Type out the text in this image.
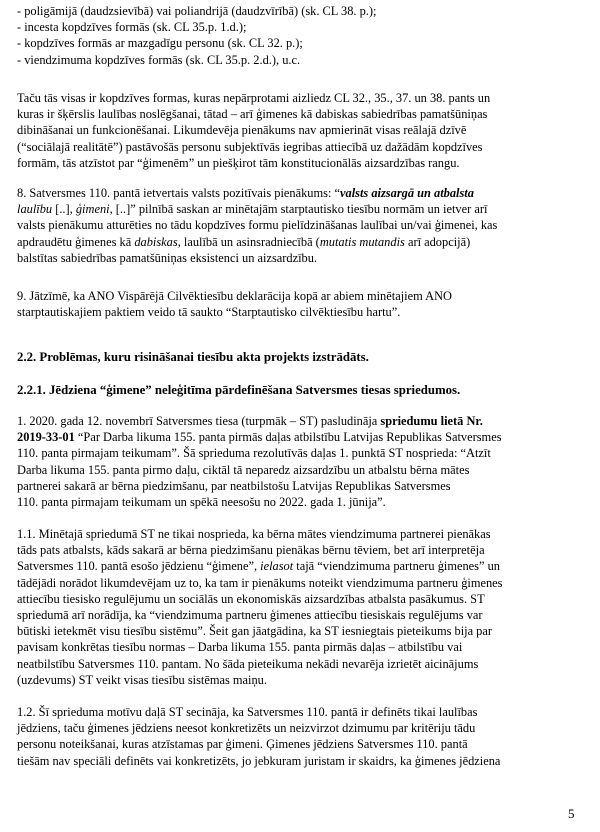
- poligāmijā (daudzsievībā) vai poliandrijā (daudzvīrībā) (sk. CL 38. p.);

- incesta kopdzīves formās (sk. CL 35.p. 1.d.);

- kopdzīves formās ar mazgadīgu personu (sk. CL 32. p.);

- viendzimuma kopdzīves formās (sk. CL 35.p. 2.d.), u.c.

Taču tās visas ir kopdzīves formas, kuras nepārprotami aizliedz CL 32., 35., 37. un 38. pants un

kuras ir šķērslis laulības noslēgšanai, tātad – arī ģimenes kā dabiskas sabiedrības pamatšūniņas

dibināšanai un funkcionēšanai. Likumdevēja pienākums nav apmierināt visas reālajā dzīvē

(“sociālajā realitātē”) pastāvošās personu subjektīvās iegribas attiecībā uz dažādām kopdzīves

formām, tās atzīstot par “ģimenēm” un piešķirot tām konstitucionālās aizsardzības rangu.

8. Satversmes 110. pantā ietvertais valsts pozitīvais pienākums: “valsts aizsargā un atbalsta

laulību [..], ģimeni, [..]” pilnībā saskan ar minētajām starptautisko tiesību normām un ietver arī

valsts pienākumu atturēties no tādu kopdzīves formu pielīdzināšanas laulībai un/vai ģimenei, kas

apdraudētu ģimenes kā dabiskas, laulībā un asinsradniecībā (mutatis mutandis arī adopcijā)

balstītas sabiedrības pamatšūniņas eksistenci un aizsardzību.

9. Jātzīmē, ka ANO Vispārējā Cilvēktiesību deklarācija kopā ar abiem minētajiem ANO

starptautiskajiem paktiem veido tā saukto “Starptautisko cilvēktiesību hartu”.

2.2. Problēmas, kuru risināšanai tiesību akta projekts izstrādāts.

2.2.1. Jēdziena “ģimene” neleģitīma pārdefinēšana Satversmes tiesas spriedumos.

1. 2020. gada 12. novembrī Satversmes tiesa (turpmāk – ST) pasludināja spriedumu lietā Nr.

2019-33-01 “Par Darba likuma 155. panta pirmās daļas atbilstību Latvijas Republikas Satversmes

110. panta pirmajam teikumam”. Šā sprieduma rezolutīvās daļas 1. punktā ST nosprieda: “Atzīt

Darba likuma 155. panta pirmo daļu, ciktāl tā neparedz aizsardzību un atbalstu bērna mātes

partnerei sakarā ar bērna piedzimšanu, par neatbilstošu Latvijas Republikas Satversmes

110. panta pirmajam teikumam un spēkā neesošu no 2022. gada 1. jūnija”.

1.1. Minētajā spriedumā ST ne tikai nosprieda, ka bērna mātes viendzimuma partnerei pienākas

tāds pats atbalsts, kāds sakarā ar bērna piedzimšanu pienākas bērnu tēviem, bet arī interpretēja

Satversmes 110. pantā esošo jēdzienu “ģimene”, ielasot tajā “viendzimuma partneru ģimenes” un

tādējādi norādot likumdevējam uz to, ka tam ir pienākums noteikt viendzimuma partneru ģimenes

attiecību tiesisko regulējumu un sociālās un ekonomiskās aizsardzības atbalsta pasākumus. ST

spriedumā arī norādīja, ka “viendzimuma partneru ģimenes attiecību tiesiskais regulējums var

būtiski ietekmēt visu tiesību sistēmu”. Šeit gan jāatgādina, ka ST iesniegtais pieteikums bija par

pavisam konkrētas tiesību normas – Darba likuma 155. panta pirmās daļas – atbilstību vai

neatbilstību Satversmes 110. pantam. No šāda pieteikuma nekādi nevarēja izrietēt aicinājums

(uzdevums) ST veikt visas tiesību sistēmas maiņu.

1.2. Šī sprieduma motīvu daļā ST secināja, ka Satversmes 110. pantā ir definēts tikai laulības

jēdziens, taču ģimenes jēdziens neesot konkretizēts un neizvirzot dzimumu par kritēriju tādu

personu noteikšanai, kuras atzīstamas par ģimeni. Ģimenes jēdziens Satversmes 110. pantā

tiešām nav speciāli definēts vai konkretizēts, jo jebkuram juristam ir skaidrs, ka ģimenes jēdziena

5
